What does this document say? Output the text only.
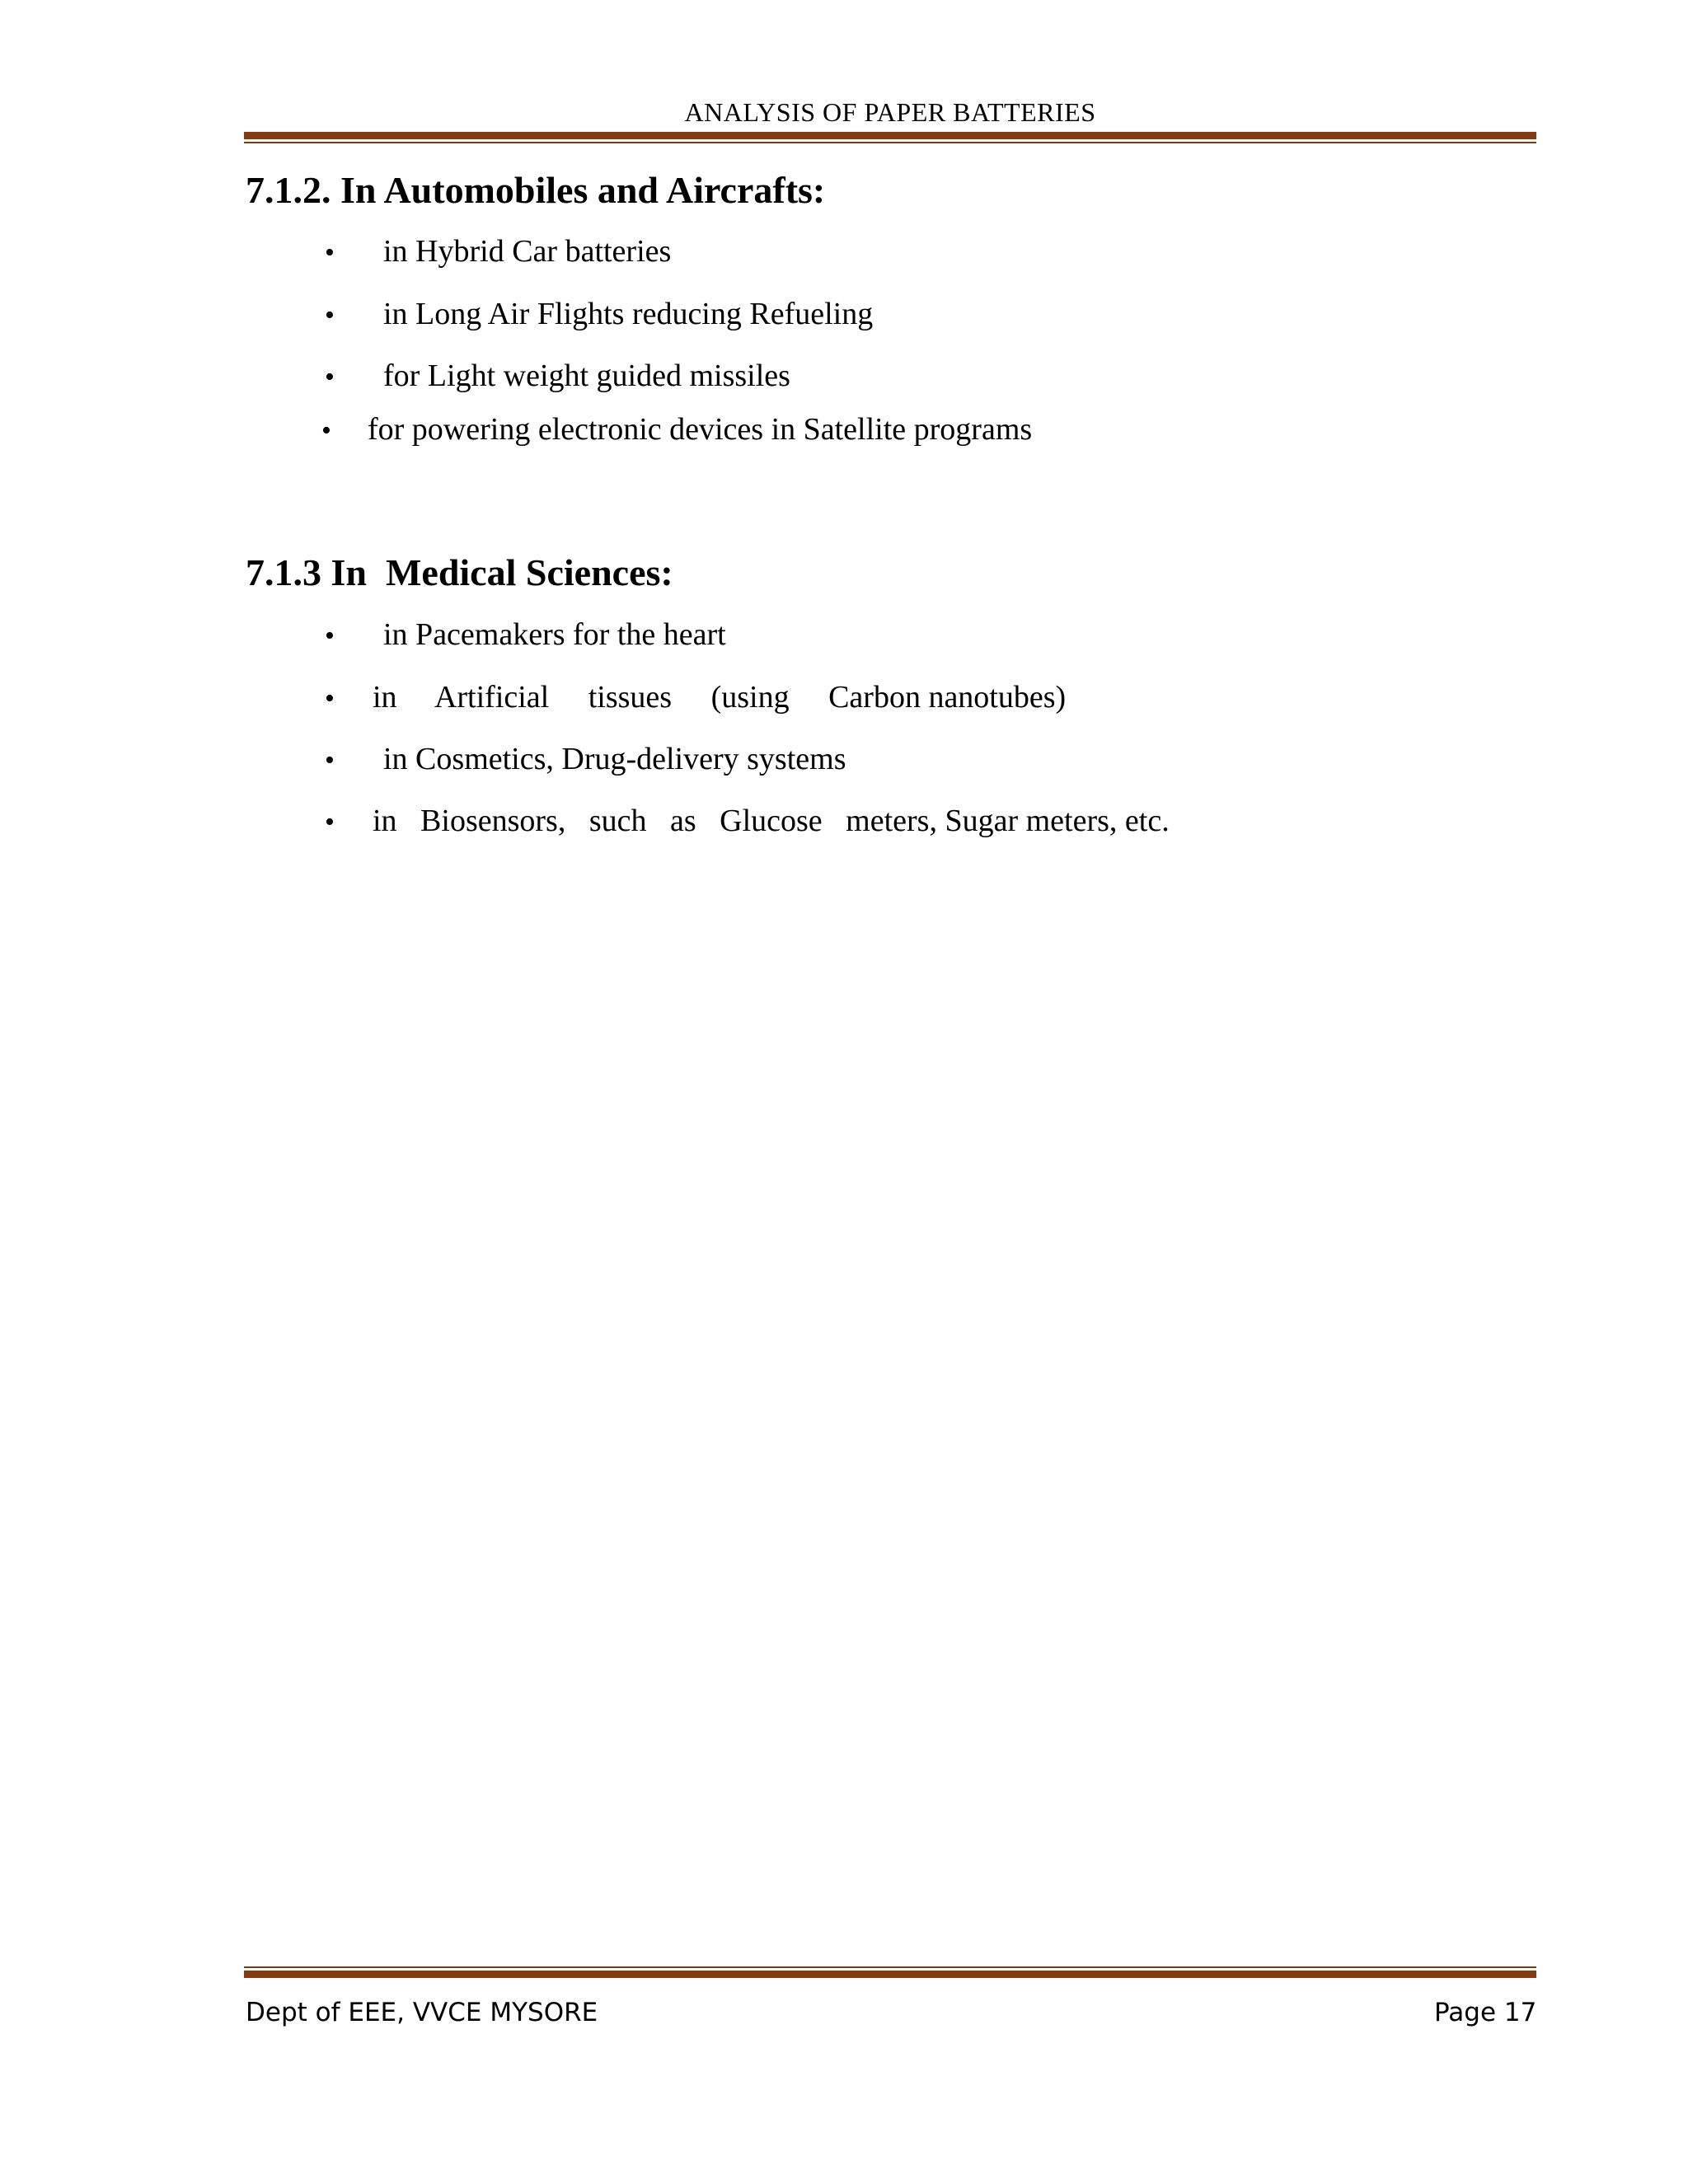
ANALYSIS OF PAPER BATTERIES
7.1.2. In Automobiles and Aircrafts:
• in Hybrid Car batteries
• in Long Air Flights reducing Refueling
• for Light weight guided missiles
• for powering electronic devices in Satellite programs
7.1.3 In  Medical Sciences:
• in Pacemakers for the heart
• in     Artificial     tissues     (using     Carbon nanotubes)
• in Cosmetics, Drug-delivery systems
• in   Biosensors,   such   as   Glucose   meters, Sugar meters, etc.
Dept of EEE, VVCE MYSORE	Page 17
